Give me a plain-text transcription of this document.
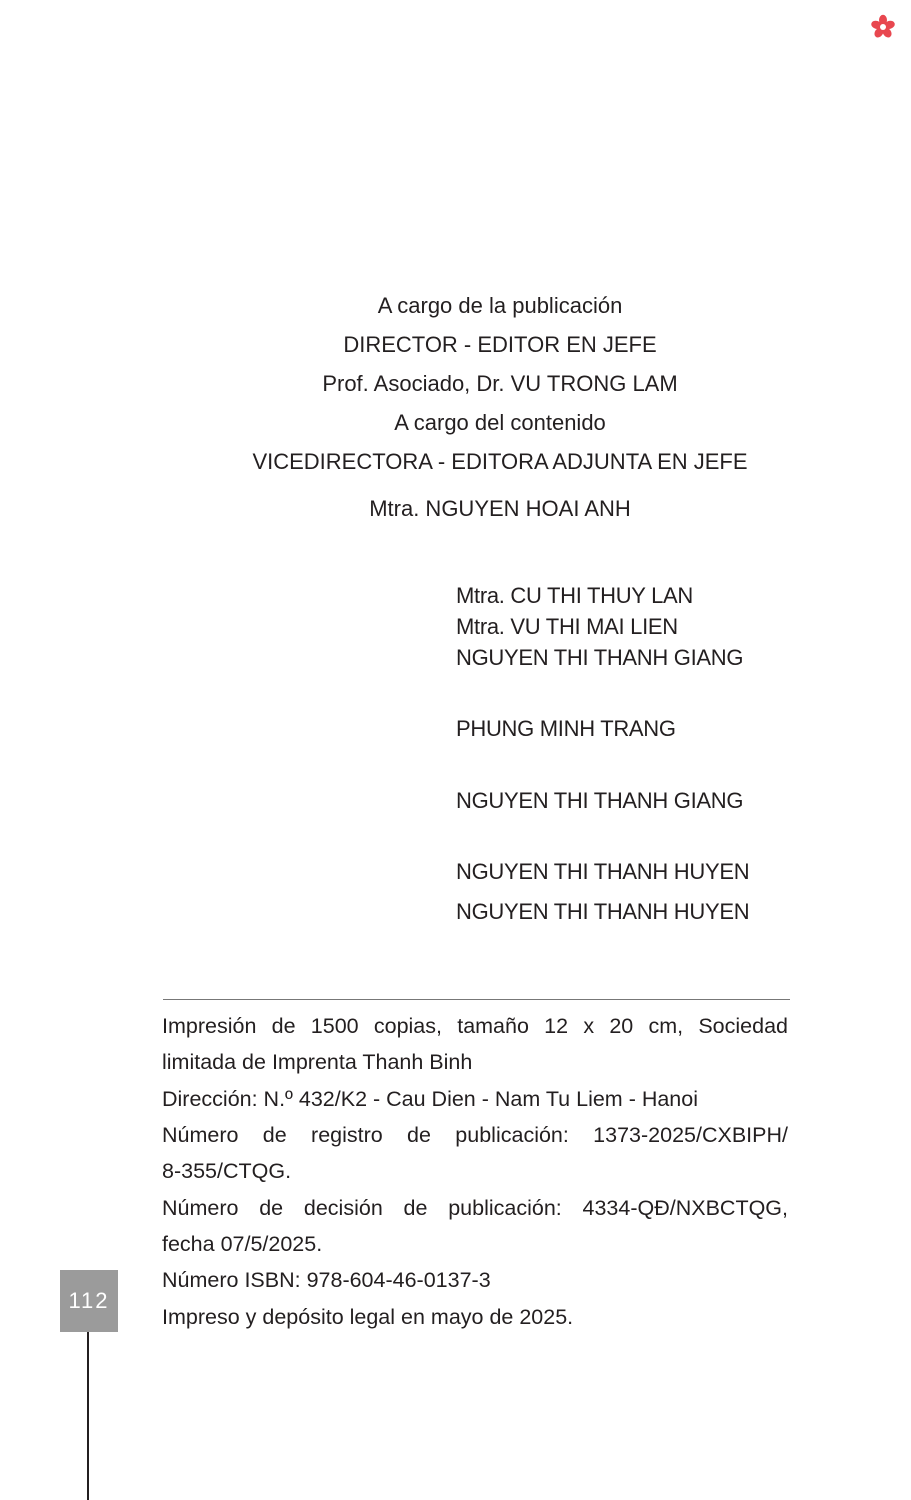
A cargo de la publicación
DIRECTOR - EDITOR EN JEFE
Prof. Asociado, Dr. VU TRONG LAM
A cargo del contenido
VICEDIRECTORA - EDITORA ADJUNTA EN JEFE
Mtra. NGUYEN HOAI ANH
Mtra. CU THI THUY LAN
Mtra. VU THI MAI LIEN
NGUYEN THI THANH GIANG
PHUNG MINH TRANG
NGUYEN THI THANH GIANG
NGUYEN THI THANH HUYEN
NGUYEN THI THANH HUYEN
Impresión de 1500 copias, tamaño 12 x 20 cm, Sociedad
limitada de Imprenta Thanh Binh
Dirección: N.º 432/K2 - Cau Dien - Nam Tu Liem - Hanoi
Número de registro de publicación: 1373-2025/CXBIPH/
8-355/CTQG.
Número de decisión de publicación: 4334-QĐ/NXBCTQG,
fecha 07/5/2025.
Número ISBN: 978-604-46-0137-3
Impreso y depósito legal en mayo de 2025.
112
